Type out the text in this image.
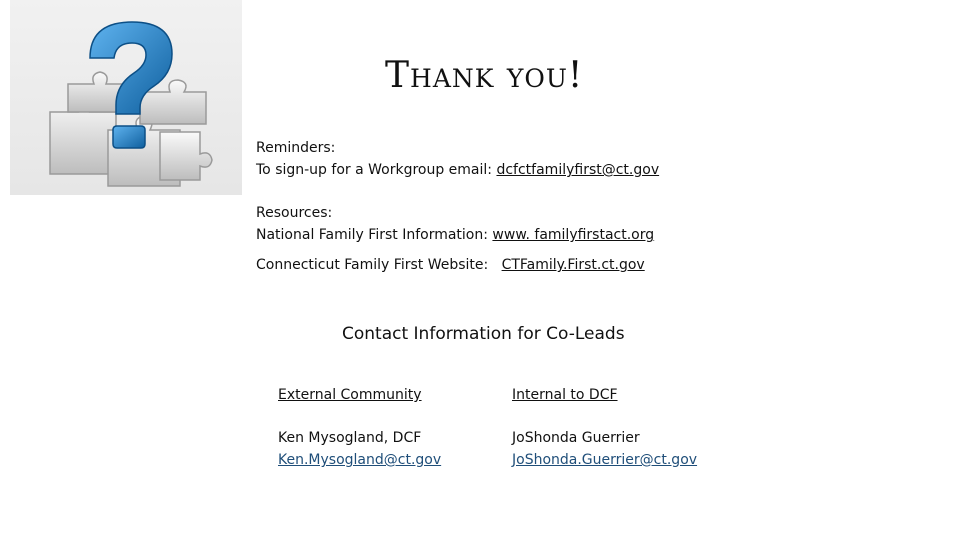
Thank you!
Reminders:
To sign-up for a Workgroup email: dcfctfamilyfirst@ct.gov
Resources:
National Family First Information: www. familyfirstact.org
Connecticut Family First Website:   CTFamily.First.ct.gov
Contact Information for Co-Leads
External Community
Ken Mysogland, DCF
Ken.Mysogland@ct.gov
Internal to DCF
JoShonda Guerrier
JoShonda.Guerrier@ct.gov
